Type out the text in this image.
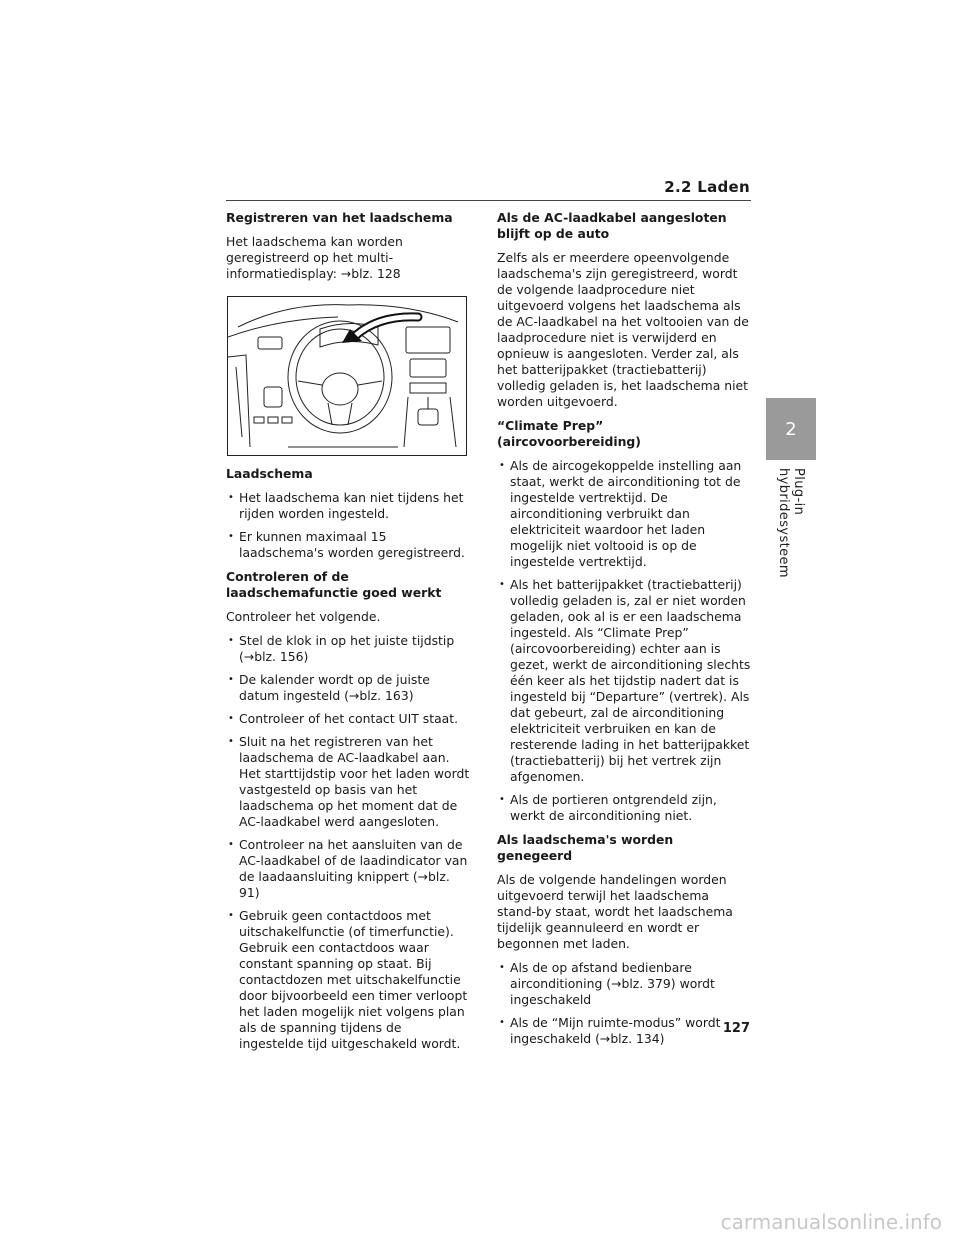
2.2 Laden
2
Plug-in hybridesysteem
Registreren van het laadschema
Het laadschema kan worden geregistreerd op het multi-informatiedisplay: →blz. 128
Laadschema
• Het laadschema kan niet tijdens het rijden worden ingesteld.
• Er kunnen maximaal 15 laadschema's worden geregistreerd.
Controleren of de laadschemafunctie goed werkt
Controleer het volgende.
• Stel de klok in op het juiste tijdstip (→blz. 156)
• De kalender wordt op de juiste datum ingesteld (→blz. 163)
• Controleer of het contact UIT staat.
• Sluit na het registreren van het laadschema de AC-laadkabel aan. Het starttijdstip voor het laden wordt vastgesteld op basis van het laadschema op het moment dat de AC-laadkabel werd aangesloten.
• Controleer na het aansluiten van de AC-laadkabel of de laadindicator van de laadaansluiting knippert (→blz. 91)
• Gebruik geen contactdoos met uitschakelfunctie (of timerfunctie). Gebruik een contactdoos waar constant spanning op staat. Bij contactdozen met uitschakelfunctie door bijvoorbeeld een timer verloopt het laden mogelijk niet volgens plan als de spanning tijdens de ingestelde tijd uitgeschakeld wordt.
Als de AC-laadkabel aangesloten blijft op de auto
Zelfs als er meerdere opeenvolgende laadschema's zijn geregistreerd, wordt de volgende laadprocedure niet uitgevoerd volgens het laadschema als de AC-laadkabel na het voltooien van de laadprocedure niet is verwijderd en opnieuw is aangesloten. Verder zal, als het batterijpakket (tractiebatterij) volledig geladen is, het laadschema niet worden uitgevoerd.
“Climate Prep” (aircovoorbereiding)
• Als de aircogekoppelde instelling aan staat, werkt de airconditioning tot de ingestelde vertrektijd. De airconditioning verbruikt dan elektriciteit waardoor het laden mogelijk niet voltooid is op de ingestelde vertrektijd.
• Als het batterijpakket (tractiebatterij) volledig geladen is, zal er niet worden geladen, ook al is er een laadschema ingesteld. Als “Climate Prep” (aircovoorbereiding) echter aan is gezet, werkt de airconditioning slechts één keer als het tijdstip nadert dat is ingesteld bij “Departure” (vertrek). Als dat gebeurt, zal de airconditioning elektriciteit verbruiken en kan de resterende lading in het batterijpakket (tractiebatterij) bij het vertrek zijn afgenomen.
• Als de portieren ontgrendeld zijn, werkt de airconditioning niet.
Als laadschema's worden genegeerd
Als de volgende handelingen worden uitgevoerd terwijl het laadschema stand-by staat, wordt het laadschema tijdelijk geannuleerd en wordt er begonnen met laden.
• Als de op afstand bedienbare airconditioning (→blz. 379) wordt ingeschakeld
• Als de “Mijn ruimte-modus” wordt ingeschakeld (→blz. 134)
127
carmanualsonline.info
